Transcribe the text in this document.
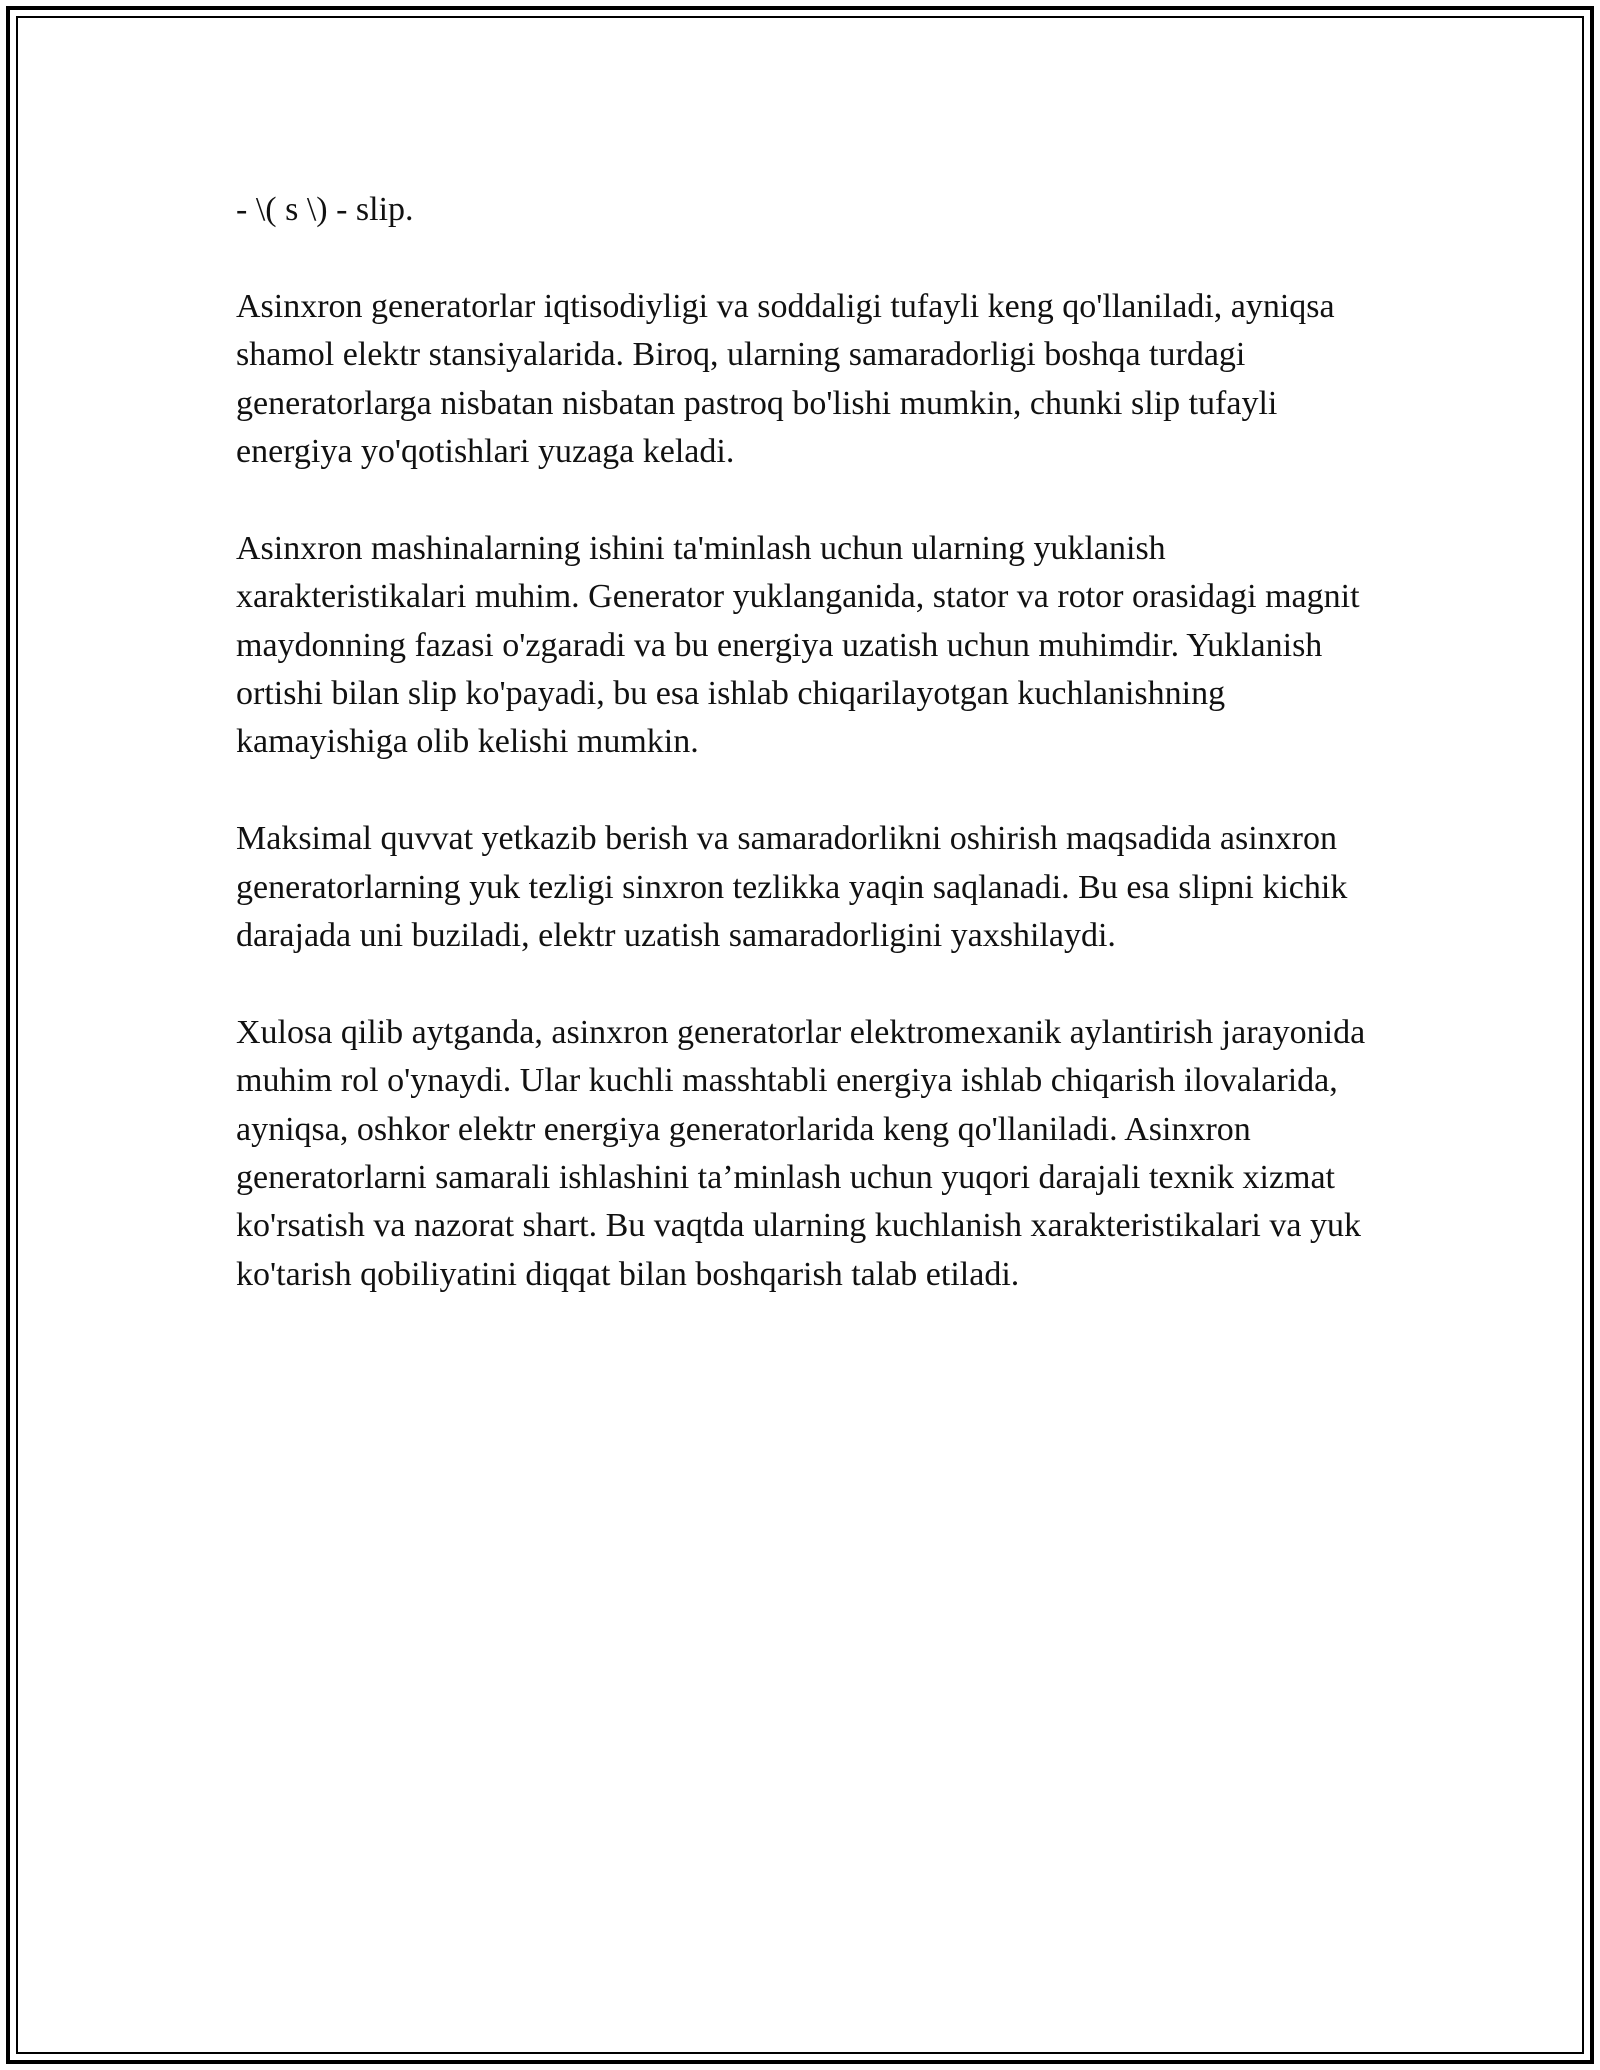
- \( s \) - slip.

Asinxron generatorlar iqtisodiyligi va soddaligi tufayli keng qo'llaniladi, ayniqsa shamol elektr stansiyalarida. Biroq, ularning samaradorligi boshqa turdagi generatorlarga nisbatan nisbatan pastroq bo'lishi mumkin, chunki slip tufayli energiya yo'qotishlari yuzaga keladi.

Asinxron mashinalarning ishini ta'minlash uchun ularning yuklanish xarakteristikalari muhim. Generator yuklanganida, stator va rotor orasidagi magnit maydonning fazasi o'zgaradi va bu energiya uzatish uchun muhimdir. Yuklanish ortishi bilan slip ko'payadi, bu esa ishlab chiqarilayotgan kuchlanishning kamayishiga olib kelishi mumkin.

Maksimal quvvat yetkazib berish va samaradorlikni oshirish maqsadida asinxron generatorlarning yuk tezligi sinxron tezlikka yaqin saqlanadi. Bu esa slipni kichik darajada uni buziladi, elektr uzatish samaradorligini yaxshilaydi.

Xulosa qilib aytganda, asinxron generatorlar elektromexanik aylantirish jarayonida muhim rol o'ynaydi. Ular kuchli masshtabli energiya ishlab chiqarish ilovalarida, ayniqsa, oshkor elektr energiya generatorlarida keng qo'llaniladi. Asinxron generatorlarni samarali ishlashini ta’minlash uchun yuqori darajali texnik xizmat ko'rsatish va nazorat shart. Bu vaqtda ularning kuchlanish xarakteristikalari va yuk ko'tarish qobiliyatini diqqat bilan boshqarish talab etiladi.
